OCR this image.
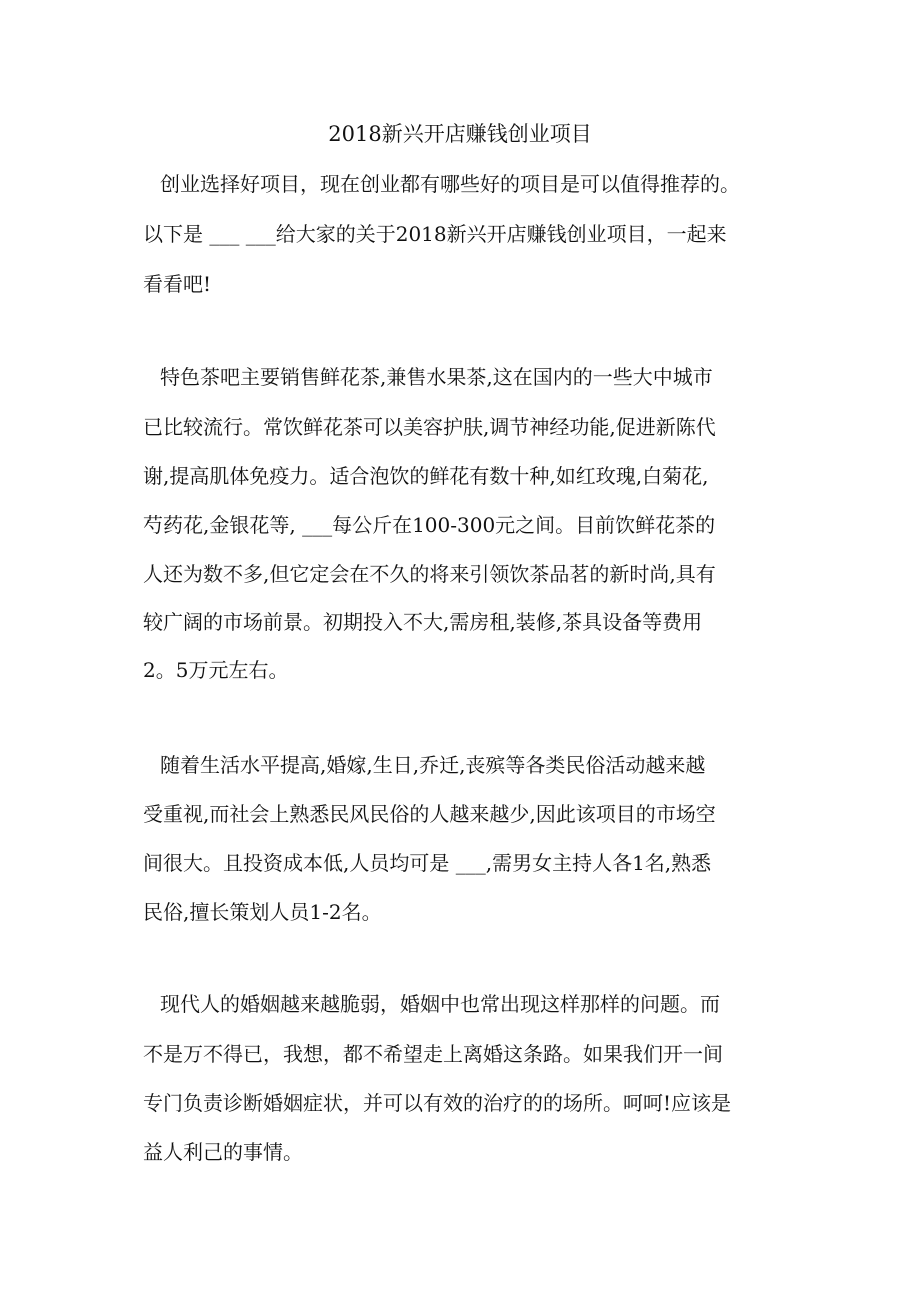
2018新兴开店赚钱创业项目
创业选择好项目，现在创业都有哪些好的项目是可以值得推荐的。
以下是 ___ ___给大家的关于2018新兴开店赚钱创业项目，一起来
看看吧!
特色茶吧主要销售鲜花茶,兼售水果茶,这在国内的一些大中城市
已比较流行。常饮鲜花茶可以美容护肤,调节神经功能,促进新陈代
谢,提高肌体免疫力。适合泡饮的鲜花有数十种,如红玫瑰,白菊花,
芍药花,金银花等, ___每公斤在100-300元之间。目前饮鲜花茶的
人还为数不多,但它定会在不久的将来引领饮茶品茗的新时尚,具有
较广阔的市场前景。初期投入不大,需房租,装修,茶具设备等费用
2。5万元左右。
随着生活水平提高,婚嫁,生日,乔迁,丧殡等各类民俗活动越来越
受重视,而社会上熟悉民风民俗的人越来越少,因此该项目的市场空
间很大。且投资成本低,人员均可是 ___,需男女主持人各1名,熟悉
民俗,擅长策划人员1-2名。
现代人的婚姻越来越脆弱，婚姻中也常出现这样那样的问题。而
不是万不得已，我想，都不希望走上离婚这条路。如果我们开一间
专门负责诊断婚姻症状，并可以有效的治疗的的场所。呵呵!应该是
益人利己的事情。
